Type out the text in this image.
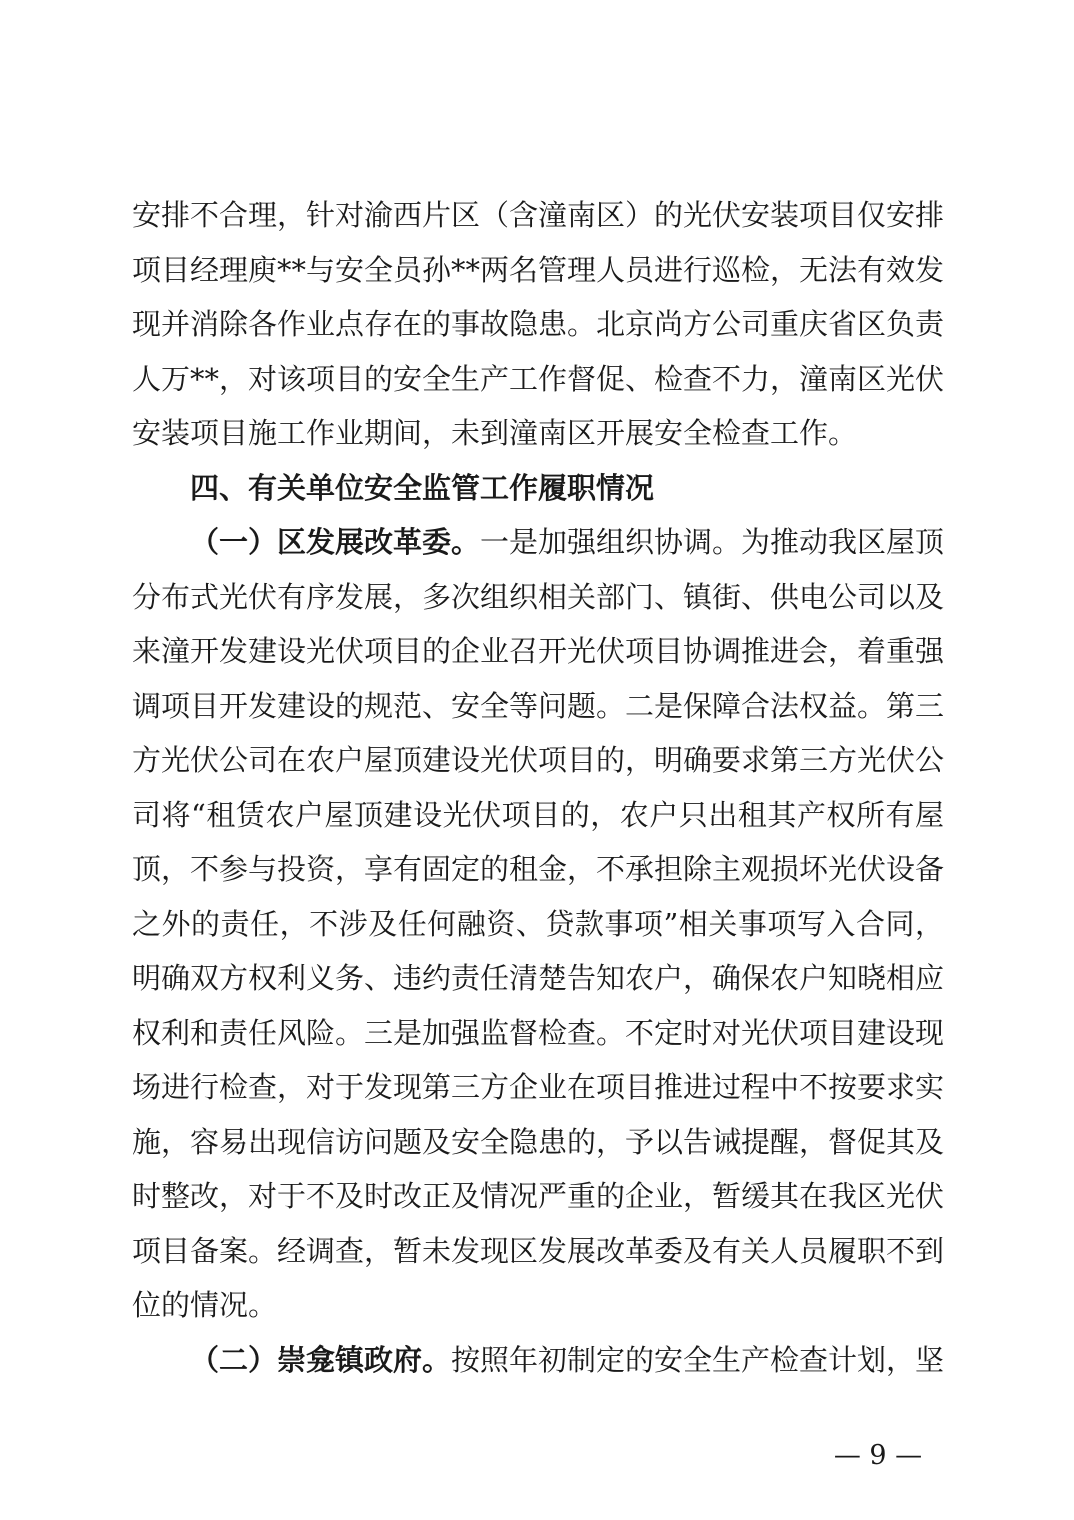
安排不合理，针对渝西片区（含潼南区）的光伏安装项目仅安排
项目经理庾**与安全员孙**两名管理人员进行巡检，无法有效发
现并消除各作业点存在的事故隐患。北京尚方公司重庆省区负责
人万**，对该项目的安全生产工作督促、检查不力，潼南区光伏
安装项目施工作业期间，未到潼南区开展安全检查工作。
四、有关单位安全监管工作履职情况
（一）区发展改革委。一是加强组织协调。为推动我区屋顶
分布式光伏有序发展，多次组织相关部门、镇街、供电公司以及
来潼开发建设光伏项目的企业召开光伏项目协调推进会，着重强
调项目开发建设的规范、安全等问题。二是保障合法权益。第三
方光伏公司在农户屋顶建设光伏项目的，明确要求第三方光伏公
司将“租赁农户屋顶建设光伏项目的，农户只出租其产权所有屋
顶，不参与投资，享有固定的租金，不承担除主观损坏光伏设备
之外的责任，不涉及任何融资、贷款事项”相关事项写入合同，
明确双方权利义务、违约责任清楚告知农户，确保农户知晓相应
权利和责任风险。三是加强监督检查。不定时对光伏项目建设现
场进行检查，对于发现第三方企业在项目推进过程中不按要求实
施，容易出现信访问题及安全隐患的，予以告诫提醒，督促其及
时整改，对于不及时改正及情况严重的企业，暂缓其在我区光伏
项目备案。经调查，暂未发现区发展改革委及有关人员履职不到
位的情况。
（二）崇龛镇政府。按照年初制定的安全生产检查计划，坚
— 9 —
